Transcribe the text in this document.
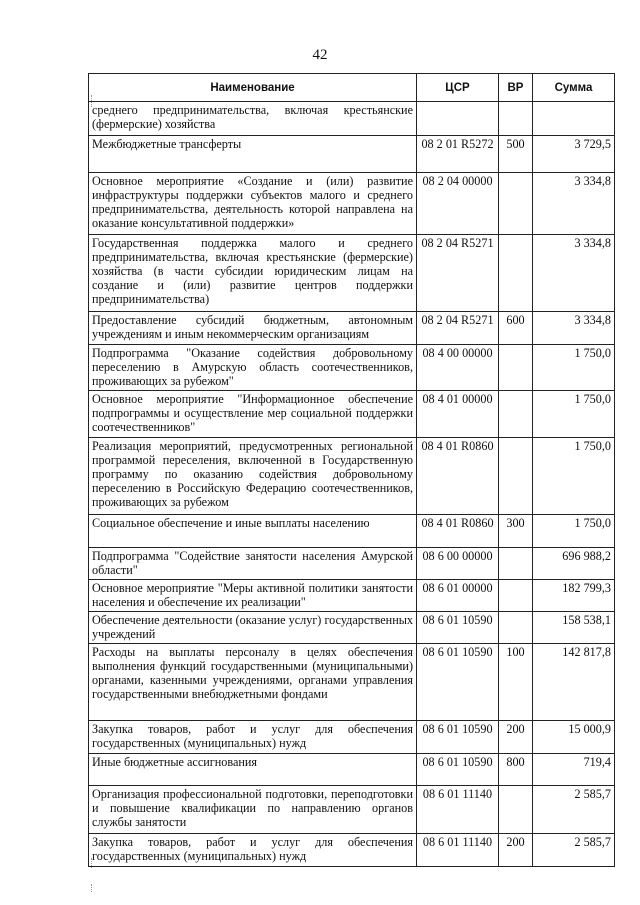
42
Наименование	ЦСР	ВР	Сумма
среднего предпринимательства, включая крестьянские (фермерские) хозяйства			
Межбюджетные трансферты	08 2 01 R5272	500	3 729,5
Основное мероприятие «Создание и (или) развитие инфраструктуры поддержки субъектов малого и среднего предпринимательства, деятельность которой направлена на оказание консультативной поддержки»	08 2 04 00000		3 334,8
Государственная поддержка малого и среднего предпринимательства, включая крестьянские (фермерские) хозяйства (в части субсидии юридическим лицам на создание и (или) развитие центров поддержки предпринимательства)	08 2 04 R5271		3 334,8
Предоставление субсидий бюджетным, автономным учреждениям и иным некоммерческим организациям	08 2 04 R5271	600	3 334,8
Подпрограмма "Оказание содействия добровольному переселению в Амурскую область соотечественников, проживающих за рубежом"	08 4 00 00000		1 750,0
Основное мероприятие "Информационное обеспечение подпрограммы и осуществление мер социальной поддержки соотечественников"	08 4 01 00000		1 750,0
Реализация мероприятий, предусмотренных региональной программой переселения, включенной в Государственную программу по оказанию содействия добровольному переселению в Российскую Федерацию соотечественников, проживающих за рубежом	08 4 01 R0860		1 750,0
Социальное обеспечение и иные выплаты населению	08 4 01 R0860	300	1 750,0
Подпрограмма "Содействие занятости населения Амурской области"	08 6 00 00000		696 988,2
Основное мероприятие "Меры активной политики занятости населения и обеспечение их реализации"	08 6 01 00000		182 799,3
Обеспечение деятельности (оказание услуг) государственных учреждений	08 6 01 10590		158 538,1
Расходы на выплаты персоналу в целях обеспечения выполнения функций государственными (муниципальными) органами, казенными учреждениями, органами управления государственными внебюджетными фондами	08 6 01 10590	100	142 817,8
Закупка товаров, работ и услуг для обеспечения государственных (муниципальных) нужд	08 6 01 10590	200	15 000,9
Иные бюджетные ассигнования	08 6 01 10590	800	719,4
Организация профессиональной подготовки, переподготовки и повышение квалификации по направлению органов службы занятости	08 6 01 11140		2 585,7
Закупка товаров, работ и услуг для обеспечения государственных (муниципальных) нужд	08 6 01 11140	200	2 585,7
